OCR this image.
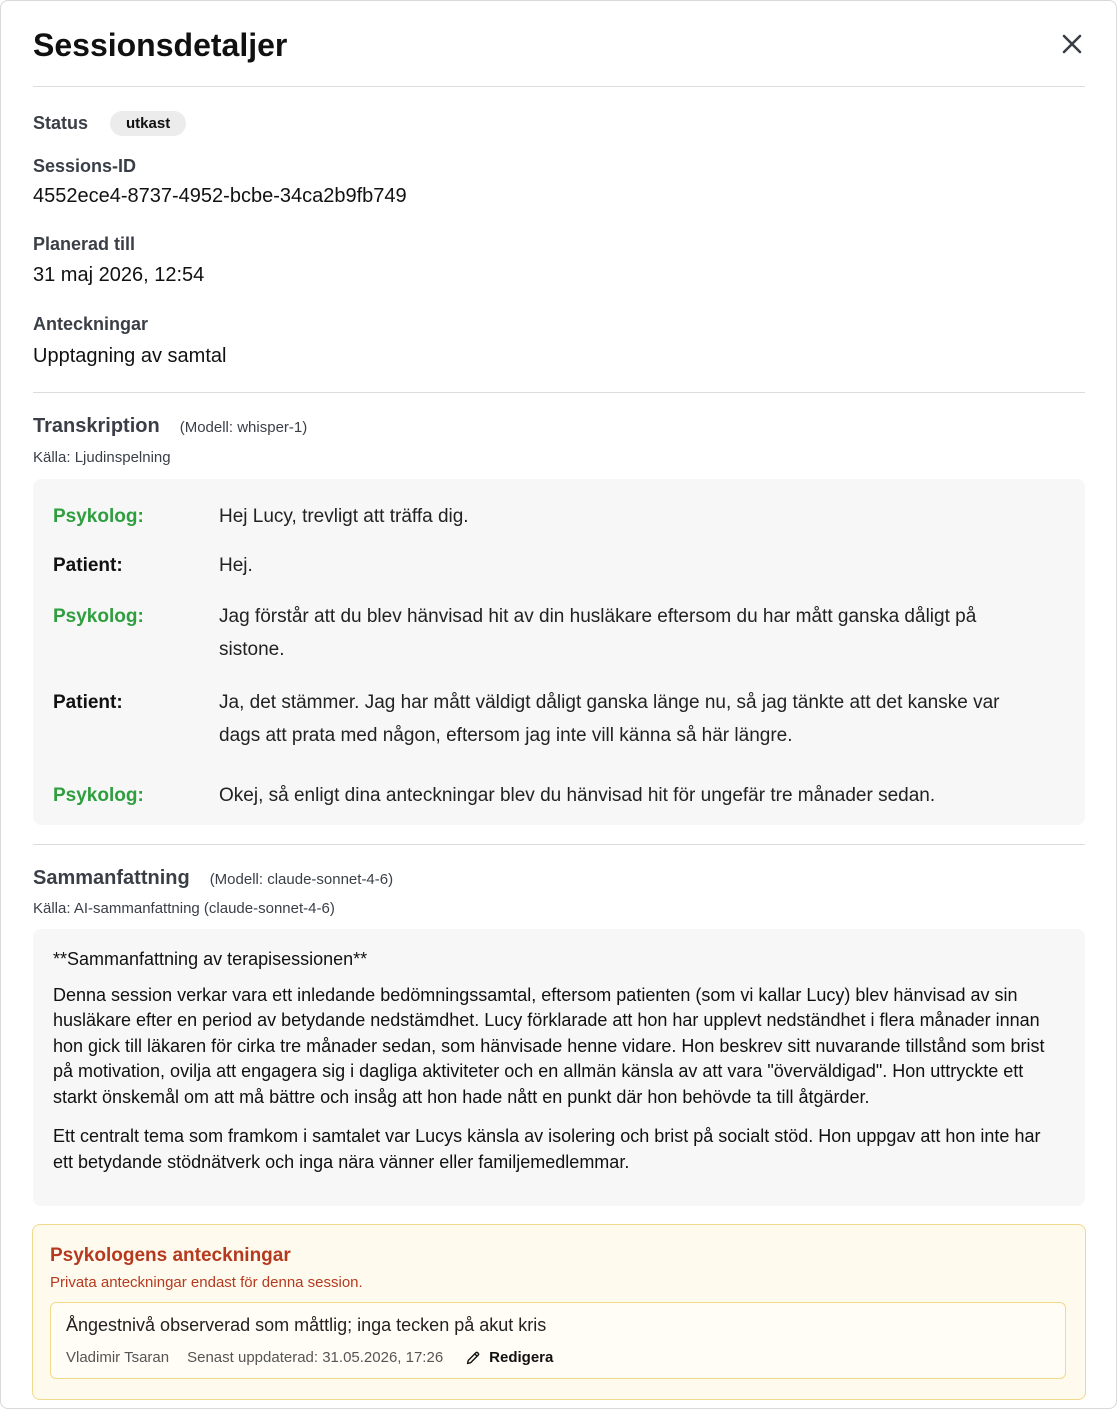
Sessionsdetaljer
Status	utkast
Sessions-ID
4552ece4-8737-4952-bcbe-34ca2b9fb749
Planerad till
31 maj 2026, 12:54
Anteckningar
Upptagning av samtal
Transkription (Modell: whisper-1)
Källa: Ljudinspelning
Psykolog:	Hej Lucy, trevligt att träffa dig.
Patient:	Hej.
Psykolog:	Jag förstår att du blev hänvisad hit av din husläkare eftersom du har mått ganska dåligt på sistone.
Patient:	Ja, det stämmer. Jag har mått väldigt dåligt ganska länge nu, så jag tänkte att det kanske var dags att prata med någon, eftersom jag inte vill känna så här längre.
Psykolog:	Okej, så enligt dina anteckningar blev du hänvisad hit för ungefär tre månader sedan.
Sammanfattning (Modell: claude-sonnet-4-6)
Källa: AI-sammanfattning (claude-sonnet-4-6)

**Sammanfattning av terapisessionen**

Denna session verkar vara ett inledande bedömningssamtal, eftersom patienten (som vi kallar Lucy) blev hänvisad av sin husläkare efter en period av betydande nedstämdhet. Lucy förklarade att hon har upplevt nedständhet i flera månader innan hon gick till läkaren för cirka tre månader sedan, som hänvisade henne vidare. Hon beskrev sitt nuvarande tillstånd som brist på motivation, ovilja att engagera sig i dagliga aktiviteter och en allmän känsla av att vara "överväldigad". Hon uttryckte ett starkt önskemål om att må bättre och insåg att hon hade nått en punkt där hon behövde ta till åtgärder.

Ett centralt tema som framkom i samtalet var Lucys känsla av isolering och brist på socialt stöd. Hon uppgav att hon inte har ett betydande stödnätverk och inga nära vänner eller familjemedlemmar.

Psykologens anteckningar
Privata anteckningar endast för denna session.
Ångestnivå observerad som måttlig; inga tecken på akut kris
Vladimir Tsaran Senast uppdaterad: 31.05.2026, 17:26	Redigera
